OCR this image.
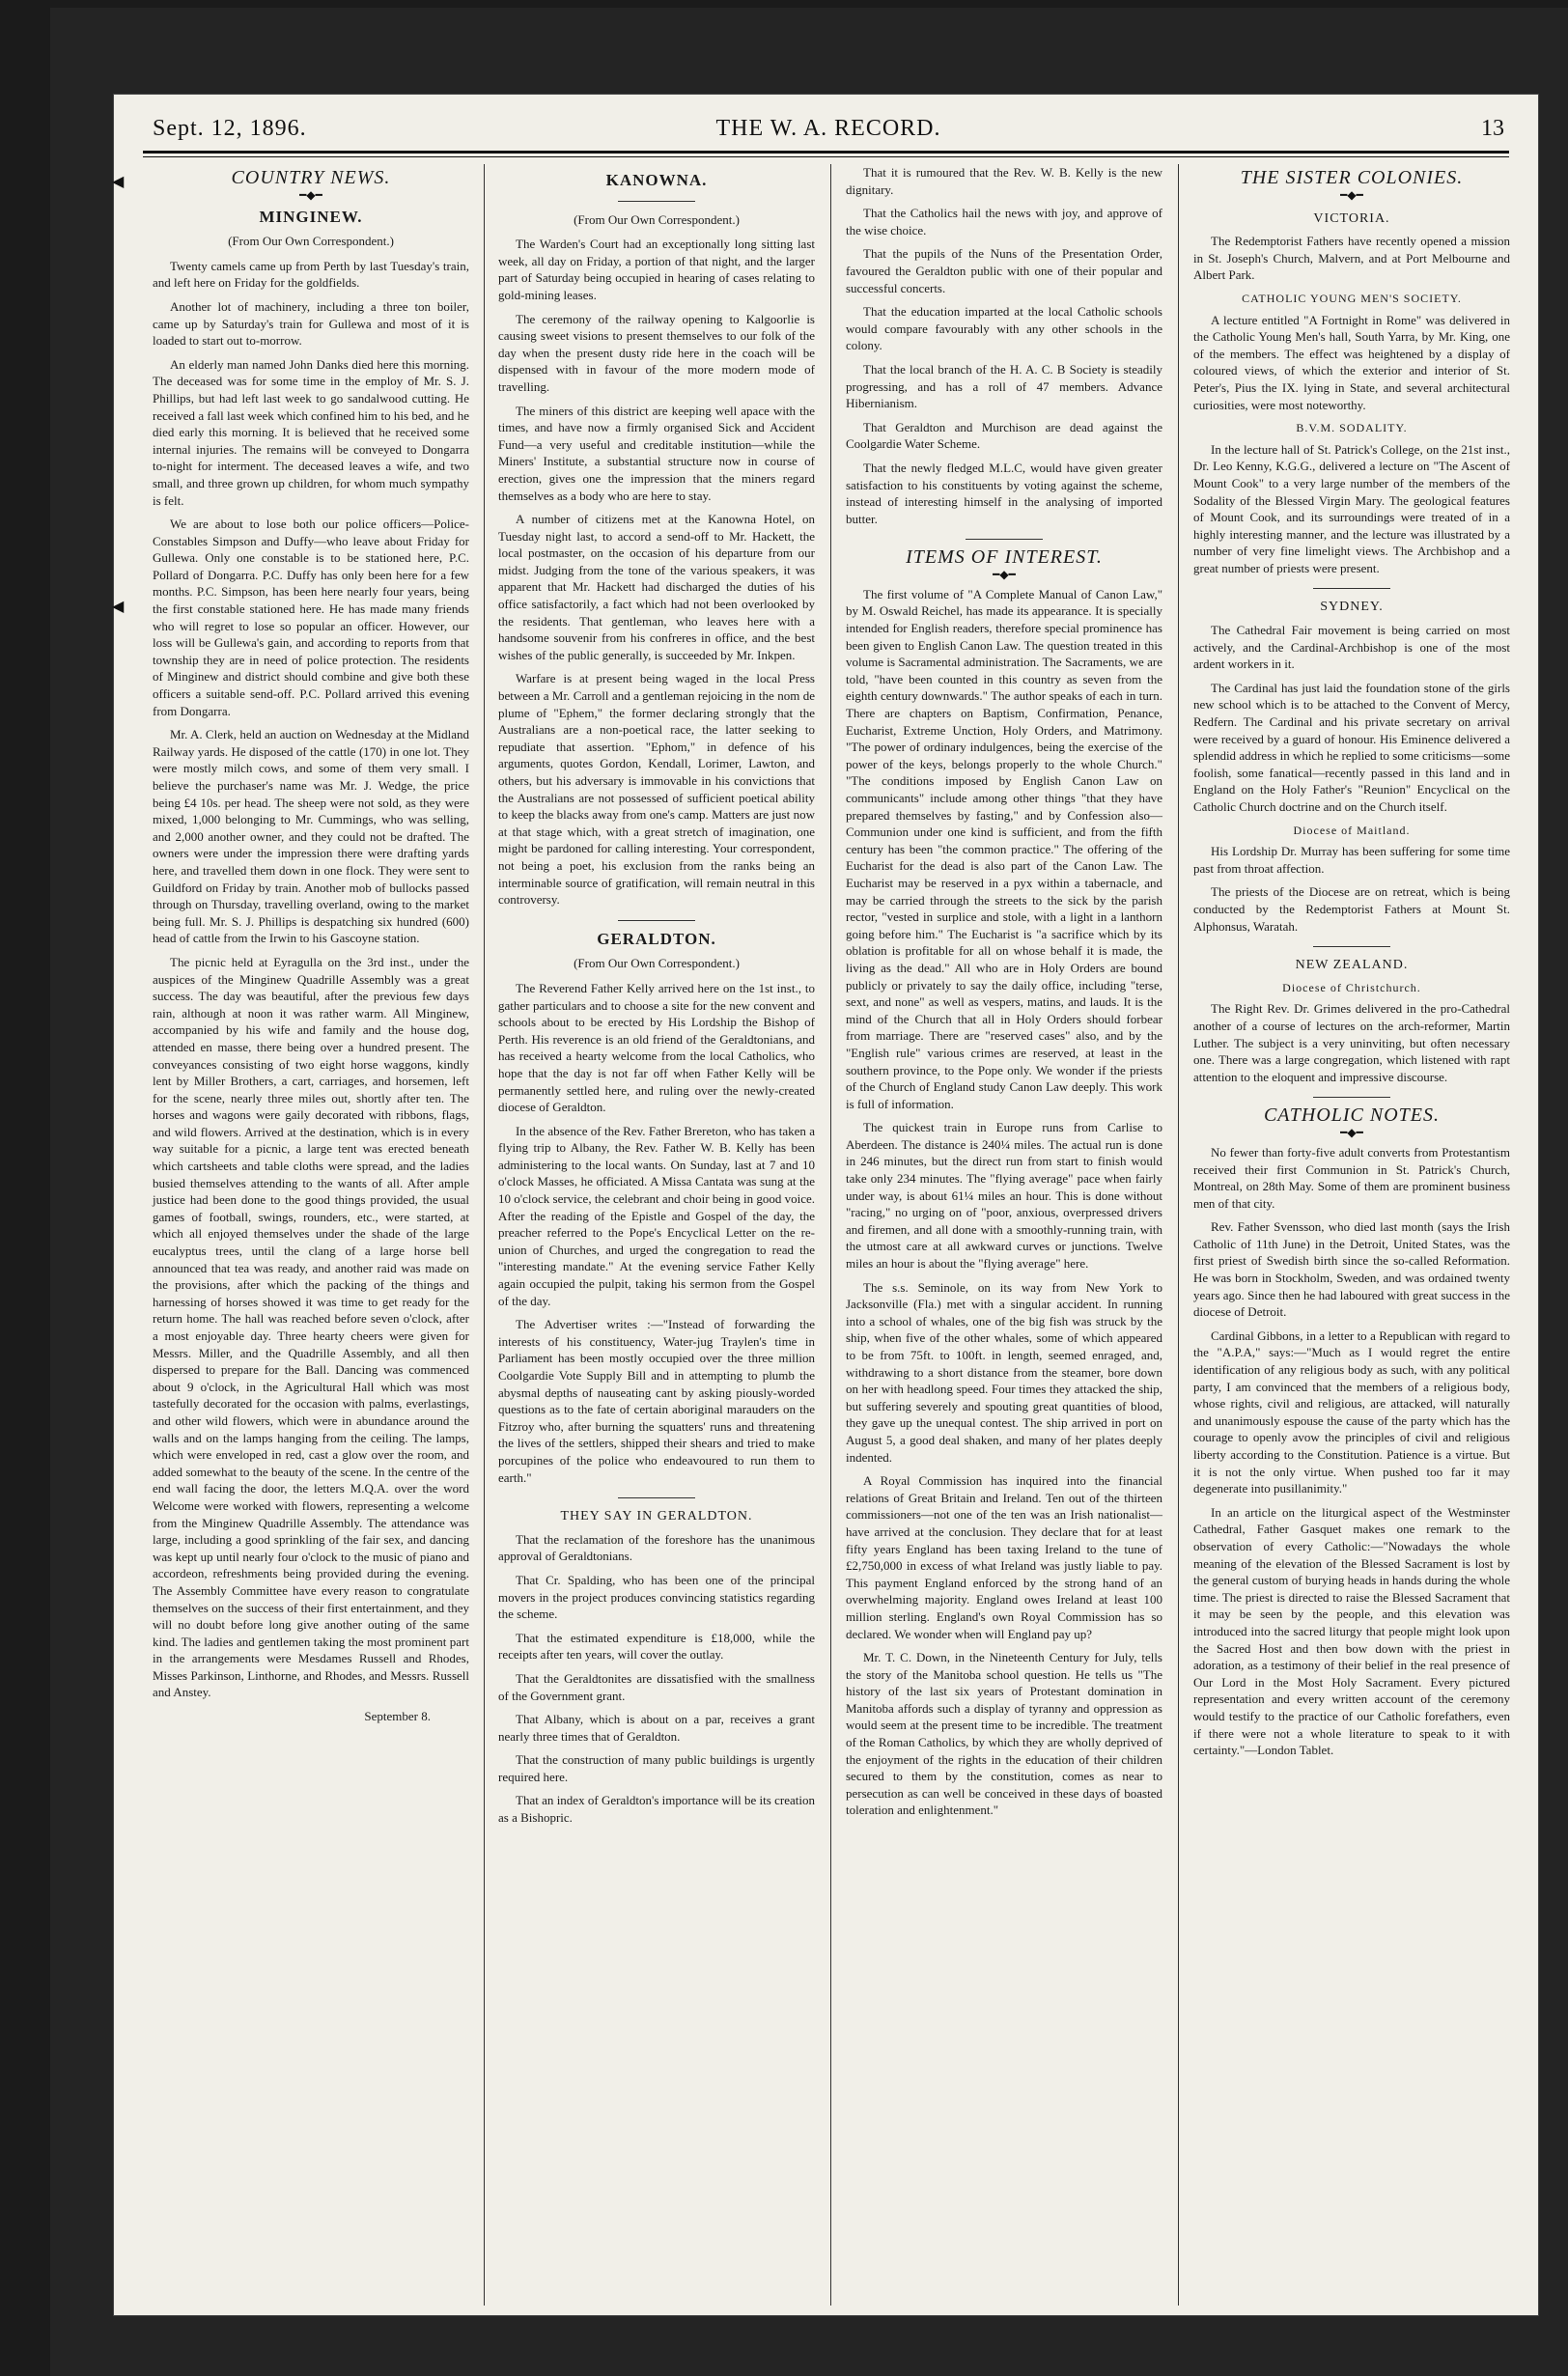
Sept. 12, 1896.	THE W. A. RECORD.	13
COUNTRY NEWS.
━◆━
MINGINEW.
(From Our Own Correspondent.)

Twenty camels came up from Perth by last Tuesday's train, and left here on Friday for the goldfields.

Another lot of machinery, including a three ton boiler, came up by Saturday's train for Gullewa and most of it is loaded to start out to-morrow.

An elderly man named John Danks died here this morning. The deceased was for some time in the employ of Mr. S. J. Phillips, but had left last week to go sandalwood cutting. He received a fall last week which confined him to his bed, and he died early this morning. It is believed that he received some internal injuries. The remains will be conveyed to Dongarra to-night for interment. The deceased leaves a wife, and two small, and three grown up children, for whom much sympathy is felt.

We are about to lose both our police officers—Police-Constables Simpson and Duffy—who leave about Friday for Gullewa. Only one constable is to be stationed here, P.C. Pollard of Dongarra. P.C. Duffy has only been here for a few months. P.C. Simpson, has been here nearly four years, being the first constable stationed here. He has made many friends who will regret to lose so popular an officer. However, our loss will be Gullewa's gain, and according to reports from that township they are in need of police protection. The residents of Minginew and district should combine and give both these officers a suitable send-off. P.C. Pollard arrived this evening from Dongarra.

Mr. A. Clerk, held an auction on Wednesday at the Midland Railway yards. He disposed of the cattle (170) in one lot. They were mostly milch cows, and some of them very small. I believe the purchaser's name was Mr. J. Wedge, the price being £4 10s. per head. The sheep were not sold, as they were mixed, 1,000 belonging to Mr. Cummings, who was selling, and 2,000 another owner, and they could not be drafted. The owners were under the impression there were drafting yards here, and travelled them down in one flock. They were sent to Guildford on Friday by train. Another mob of bullocks passed through on Thursday, travelling overland, owing to the market being full. Mr. S. J. Phillips is despatching six hundred (600) head of cattle from the Irwin to his Gascoyne station.

The picnic held at Eyragulla on the 3rd inst., under the auspices of the Minginew Quadrille Assembly was a great success. The day was beautiful, after the previous few days rain, although at noon it was rather warm. All Minginew, accompanied by his wife and family and the house dog, attended en masse, there being over a hundred present. The conveyances consisting of two eight horse waggons, kindly lent by Miller Brothers, a cart, carriages, and horsemen, left for the scene, nearly three miles out, shortly after ten. The horses and wagons were gaily decorated with ribbons, flags, and wild flowers. Arrived at the destination, which is in every way suitable for a picnic, a large tent was erected beneath which cartsheets and table cloths were spread, and the ladies busied themselves attending to the wants of all. After ample justice had been done to the good things provided, the usual games of football, swings, rounders, etc., were started, at which all enjoyed themselves under the shade of the large eucalyptus trees, until the clang of a large horse bell announced that tea was ready, and another raid was made on the provisions, after which the packing of the things and harnessing of horses showed it was time to get ready for the return home. The hall was reached before seven o'clock, after a most enjoyable day. Three hearty cheers were given for Messrs. Miller, and the Quadrille Assembly, and all then dispersed to prepare for the Ball. Dancing was commenced about 9 o'clock, in the Agricultural Hall which was most tastefully decorated for the occasion with palms, everlastings, and other wild flowers, which were in abundance around the walls and on the lamps hanging from the ceiling. The lamps, which were enveloped in red, cast a glow over the room, and added somewhat to the beauty of the scene. In the centre of the end wall facing the door, the letters M.Q.A. over the word Welcome were worked with flowers, representing a welcome from the Minginew Quadrille Assembly. The attendance was large, including a good sprinkling of the fair sex, and dancing was kept up until nearly four o'clock to the music of piano and accordeon, refreshments being provided during the evening. The Assembly Committee have every reason to congratulate themselves on the success of their first entertainment, and they will no doubt before long give another outing of the same kind. The ladies and gentlemen taking the most prominent part in the arrangements were Mesdames Russell and Rhodes, Misses Parkinson, Linthorne, and Rhodes, and Messrs. Russell and Anstey.

September 8.
KANOWNA.
(From Our Own Correspondent.)

The Warden's Court had an exceptionally long sitting last week, all day on Friday, a portion of that night, and the larger part of Saturday being occupied in hearing of cases relating to gold-mining leases.

The ceremony of the railway opening to Kalgoorlie is causing sweet visions to present themselves to our folk of the day when the present dusty ride here in the coach will be dispensed with in favour of the more modern mode of travelling.

The miners of this district are keeping well apace with the times, and have now a firmly organised Sick and Accident Fund—a very useful and creditable institution—while the Miners' Institute, a substantial structure now in course of erection, gives one the impression that the miners regard themselves as a body who are here to stay.

A number of citizens met at the Kanowna Hotel, on Tuesday night last, to accord a send-off to Mr. Hackett, the local postmaster, on the occasion of his departure from our midst. Judging from the tone of the various speakers, it was apparent that Mr. Hackett had discharged the duties of his office satisfactorily, a fact which had not been overlooked by the residents. That gentleman, who leaves here with a handsome souvenir from his confreres in office, and the best wishes of the public generally, is succeeded by Mr. Inkpen.

Warfare is at present being waged in the local Press between a Mr. Carroll and a gentleman rejoicing in the nom de plume of "Ephem," the former declaring strongly that the Australians are a non-poetical race, the latter seeking to repudiate that assertion. "Ephom," in defence of his arguments, quotes Gordon, Kendall, Lorimer, Lawton, and others, but his adversary is immovable in his convictions that the Australians are not possessed of sufficient poetical ability to keep the blacks away from one's camp. Matters are just now at that stage which, with a great stretch of imagination, one might be pardoned for calling interesting. Your correspondent, not being a poet, his exclusion from the ranks being an interminable source of gratification, will remain neutral in this controversy.

GERALDTON.
(From Our Own Correspondent.)

The Reverend Father Kelly arrived here on the 1st inst., to gather particulars and to choose a site for the new convent and schools about to be erected by His Lordship the Bishop of Perth. His reverence is an old friend of the Geraldtonians, and has received a hearty welcome from the local Catholics, who hope that the day is not far off when Father Kelly will be permanently settled here, and ruling over the newly-created diocese of Geraldton.

In the absence of the Rev. Father Brereton, who has taken a flying trip to Albany, the Rev. Father W. B. Kelly has been administering to the local wants. On Sunday, last at 7 and 10 o'clock Masses, he officiated. A Missa Cantata was sung at the 10 o'clock service, the celebrant and choir being in good voice. After the reading of the Epistle and Gospel of the day, the preacher referred to the Pope's Encyclical Letter on the re-union of Churches, and urged the congregation to read the "interesting mandate." At the evening service Father Kelly again occupied the pulpit, taking his sermon from the Gospel of the day.

The Advertiser writes :—"Instead of forwarding the interests of his constituency, Water-jug Traylen's time in Parliament has been mostly occupied over the three million Coolgardie Vote Supply Bill and in attempting to plumb the abysmal depths of nauseating cant by asking piously-worded questions as to the fate of certain aboriginal marauders on the Fitzroy who, after burning the squatters' runs and threatening the lives of the settlers, shipped their shears and tried to make porcupines of the police who endeavoured to run them to earth."

THEY SAY IN GERALDTON.

That the reclamation of the foreshore has the unanimous approval of Geraldtonians.

That Cr. Spalding, who has been one of the principal movers in the project produces convincing statistics regarding the scheme.

That the estimated expenditure is £18,000, while the receipts after ten years, will cover the outlay.

That the Geraldtonites are dissatisfied with the smallness of the Government grant.

That Albany, which is about on a par, receives a grant nearly three times that of Geraldton.

That the construction of many public buildings is urgently required here.

That an index of Geraldton's importance will be its creation as a Bishopric.

That it is rumoured that the Rev. W. B. Kelly is the new dignitary.

That the Catholics hail the news with joy, and approve of the wise choice.

That the pupils of the Nuns of the Presentation Order, favoured the Geraldton public with one of their popular and successful concerts.

That the education imparted at the local Catholic schools would compare favourably with any other schools in the colony.

That the local branch of the H. A. C. B Society is steadily progressing, and has a roll of 47 members. Advance Hibernianism.

That Geraldton and Murchison are dead against the Coolgardie Water Scheme.

That the newly fledged M.L.C, would have given greater satisfaction to his constituents by voting against the scheme, instead of interesting himself in the analysing of imported butter.

ITEMS OF INTEREST.
━◆━

The first volume of "A Complete Manual of Canon Law," by M. Oswald Reichel, has made its appearance. It is specially intended for English readers, therefore special prominence has been given to English Canon Law. The question treated in this volume is Sacramental administration. The Sacraments, we are told, "have been counted in this country as seven from the eighth century downwards." The author speaks of each in turn. There are chapters on Baptism, Confirmation, Penance, Eucharist, Extreme Unction, Holy Orders, and Matrimony. "The power of ordinary indulgences, being the exercise of the power of the keys, belongs properly to the whole Church." "The conditions imposed by English Canon Law on communicants" include among other things "that they have prepared themselves by fasting," and by Confession also—Communion under one kind is sufficient, and from the fifth century has been "the common practice." The offering of the Eucharist for the dead is also part of the Canon Law. The Eucharist may be reserved in a pyx within a tabernacle, and may be carried through the streets to the sick by the parish rector, "vested in surplice and stole, with a light in a lanthorn going before him." The Eucharist is "a sacrifice which by its oblation is profitable for all on whose behalf it is made, the living as the dead." All who are in Holy Orders are bound publicly or privately to say the daily office, including "terse, sext, and none" as well as vespers, matins, and lauds. It is the mind of the Church that all in Holy Orders should forbear from marriage. There are "reserved cases" also, and by the "English rule" various crimes are reserved, at least in the southern province, to the Pope only. We wonder if the priests of the Church of England study Canon Law deeply. This work is full of information.

The quickest train in Europe runs from Carlise to Aberdeen. The distance is 240¼ miles. The actual run is done in 246 minutes, but the direct run from start to finish would take only 234 minutes. The "flying average" pace when fairly under way, is about 61¼ miles an hour. This is done without "racing," no urging on of "poor, anxious, overpressed drivers and firemen, and all done with a smoothly-running train, with the utmost care at all awkward curves or junctions. Twelve miles an hour is about the "flying average" here.

The s.s. Seminole, on its way from New York to Jacksonville (Fla.) met with a singular accident. In running into a school of whales, one of the big fish was struck by the ship, when five of the other whales, some of which appeared to be from 75ft. to 100ft. in length, seemed enraged, and, withdrawing to a short distance from the steamer, bore down on her with headlong speed. Four times they attacked the ship, but suffering severely and spouting great quantities of blood, they gave up the unequal contest. The ship arrived in port on August 5, a good deal shaken, and many of her plates deeply indented.

A Royal Commission has inquired into the financial relations of Great Britain and Ireland. Ten out of the thirteen commissioners—not one of the ten was an Irish nationalist—have arrived at the conclusion. They declare that for at least fifty years England has been taxing Ireland to the tune of £2,750,000 in excess of what Ireland was justly liable to pay. This payment England enforced by the strong hand of an overwhelming majority. England owes Ireland at least 100 million sterling. England's own Royal Commission has so declared. We wonder when will England pay up?

Mr. T. C. Down, in the Nineteenth Century for July, tells the story of the Manitoba school question. He tells us "The history of the last six years of Protestant domination in Manitoba affords such a display of tyranny and oppression as would seem at the present time to be incredible. The treatment of the Roman Catholics, by which they are wholly deprived of the enjoyment of the rights in the education of their children secured to them by the constitution, comes as near to persecution as can well be conceived in these days of boasted toleration and enlightenment."

THE SISTER COLONIES.
━◆━
VICTORIA.

The Redemptorist Fathers have recently opened a mission in St. Joseph's Church, Malvern, and at Port Melbourne and Albert Park.

CATHOLIC YOUNG MEN'S SOCIETY.

A lecture entitled "A Fortnight in Rome" was delivered in the Catholic Young Men's hall, South Yarra, by Mr. King, one of the members. The effect was heightened by a display of coloured views, of which the exterior and interior of St. Peter's, Pius the IX. lying in State, and several architectural curiosities, were most noteworthy.

B.V.M. SODALITY.

In the lecture hall of St. Patrick's College, on the 21st inst., Dr. Leo Kenny, K.G.G., delivered a lecture on "The Ascent of Mount Cook" to a very large number of the members of the Sodality of the Blessed Virgin Mary. The geological features of Mount Cook, and its surroundings were treated of in a highly interesting manner, and the lecture was illustrated by a number of very fine limelight views. The Archbishop and a great number of priests were present.

SYDNEY.

The Cathedral Fair movement is being carried on most actively, and the Cardinal-Archbishop is one of the most ardent workers in it.

The Cardinal has just laid the foundation stone of the girls new school which is to be attached to the Convent of Mercy, Redfern. The Cardinal and his private secretary on arrival were received by a guard of honour. His Eminence delivered a splendid address in which he replied to some criticisms—some foolish, some fanatical—recently passed in this land and in England on the Holy Father's "Reunion" Encyclical on the Catholic Church doctrine and on the Church itself.

Diocese of Maitland.

His Lordship Dr. Murray has been suffering for some time past from throat affection.

The priests of the Diocese are on retreat, which is being conducted by the Redemptorist Fathers at Mount St. Alphonsus, Waratah.

NEW ZEALAND.
Diocese of Christchurch.

The Right Rev. Dr. Grimes delivered in the pro-Cathedral another of a course of lectures on the arch-reformer, Martin Luther. The subject is a very uninviting, but often necessary one. There was a large congregation, which listened with rapt attention to the eloquent and impressive discourse.

CATHOLIC NOTES.
━◆━

No fewer than forty-five adult converts from Protestantism received their first Communion in St. Patrick's Church, Montreal, on 28th May. Some of them are prominent business men of that city.

Rev. Father Svensson, who died last month (says the Irish Catholic of 11th June) in the Detroit, United States, was the first priest of Swedish birth since the so-called Reformation. He was born in Stockholm, Sweden, and was ordained twenty years ago. Since then he had laboured with great success in the diocese of Detroit.

Cardinal Gibbons, in a letter to a Republican with regard to the "A.P.A," says:—"Much as I would regret the entire identification of any religious body as such, with any political party, I am convinced that the members of a religious body, whose rights, civil and religious, are attacked, will naturally and unanimously espouse the cause of the party which has the courage to openly avow the principles of civil and religious liberty according to the Constitution. Patience is a virtue. But it is not the only virtue. When pushed too far it may degenerate into pusillanimity."

In an article on the liturgical aspect of the Westminster Cathedral, Father Gasquet makes one remark to the observation of every Catholic:—"Nowadays the whole meaning of the elevation of the Blessed Sacrament is lost by the general custom of burying heads in hands during the whole time. The priest is directed to raise the Blessed Sacrament that it may be seen by the people, and this elevation was introduced into the sacred liturgy that people might look upon the Sacred Host and then bow down with the priest in adoration, as a testimony of their belief in the real presence of Our Lord in the Most Holy Sacrament. Every pictured representation and every written account of the ceremony would testify to the practice of our Catholic forefathers, even if there were not a whole literature to speak to it with certainty."—London Tablet.

◀
◀
